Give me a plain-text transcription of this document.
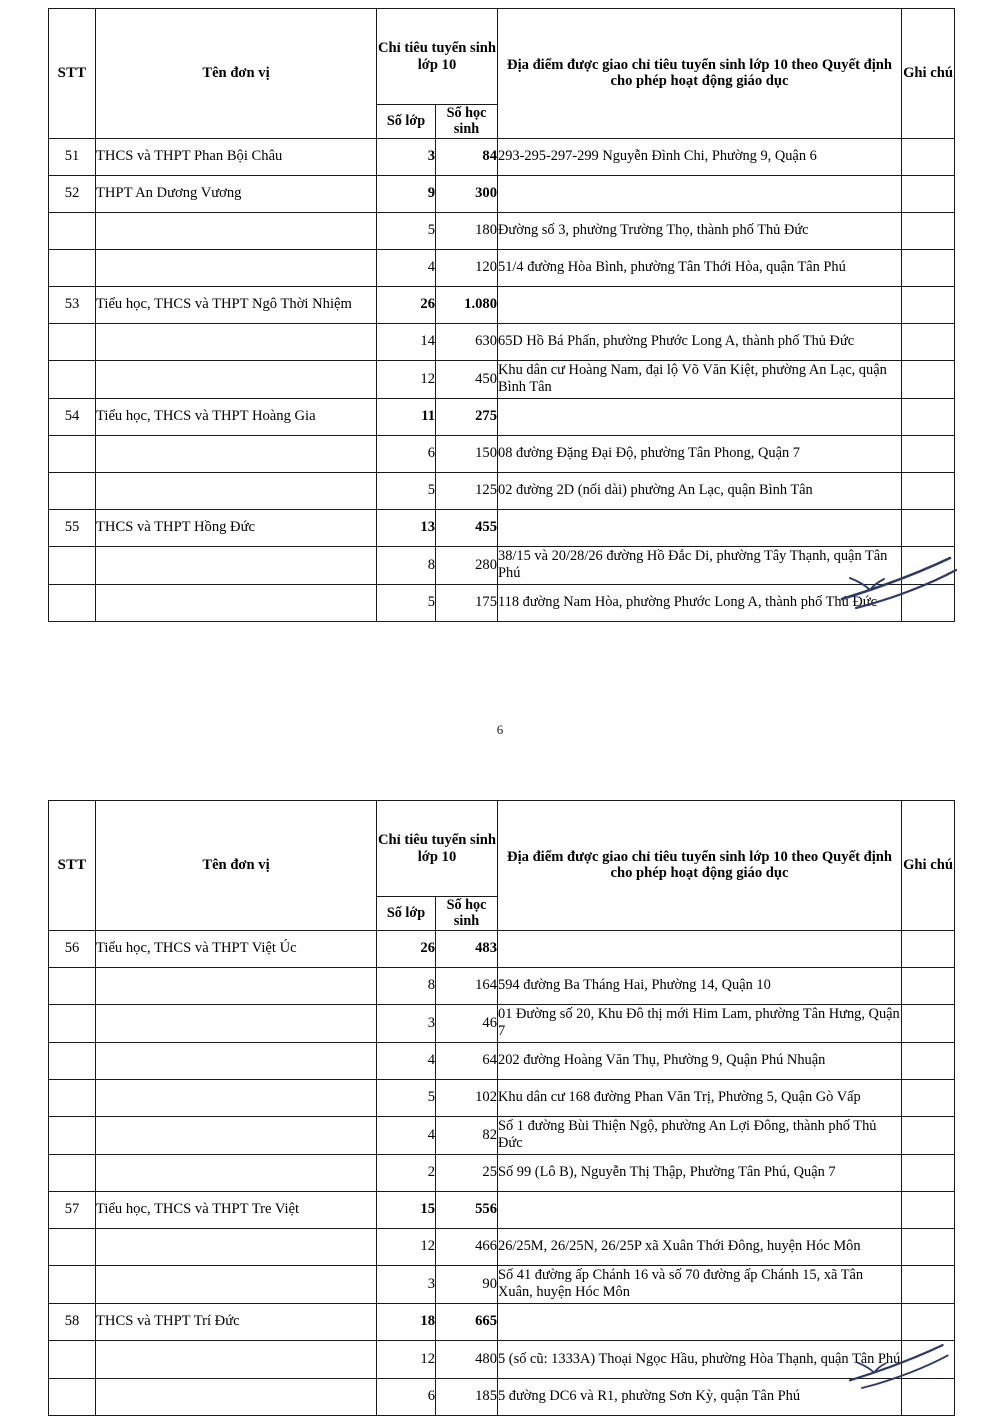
STT	Tên đơn vị	Chỉ tiêu tuyển sinh lớp 10		Địa điểm được giao chỉ tiêu tuyển sinh lớp 10 theo Quyết định cho phép hoạt động giáo dục	Ghi chú
		Số lớp	Số học sinh		
51	THCS và THPT Phan Bội Châu	3	84	293-295-297-299 Nguyễn Đình Chi, Phường 9, Quận 6	
52	THPT An Dương Vương	9	300		
		5	180	Đường số 3, phường Trường Thọ, thành phố Thủ Đức	
		4	120	51/4 đường Hòa Bình, phường Tân Thới Hòa, quận Tân Phú	
53	Tiểu học, THCS và THPT Ngô Thời Nhiệm	26	1.080		
		14	630	65D Hồ Bá Phấn, phường Phước Long A, thành phố Thủ Đức	
		12	450	Khu dân cư Hoàng Nam, đại lộ Võ Văn Kiệt, phường An Lạc, quận Bình Tân	
54	Tiểu học, THCS và THPT Hoàng Gia	11	275		
		6	150	08 đường Đặng Đại Độ, phường Tân Phong, Quận 7	
		5	125	02 đường 2D (nối dài) phường An Lạc, quận Bình Tân	
55	THCS và THPT Hồng Đức	13	455		
		8	280	38/15 và 20/28/26 đường Hồ Đắc Di, phường Tây Thạnh, quận Tân Phú	
		5	175	118 đường Nam Hòa, phường Phước Long A, thành phố Thủ Đức	
6
STT	Tên đơn vị	Chỉ tiêu tuyển sinh lớp 10		Địa điểm được giao chỉ tiêu tuyển sinh lớp 10 theo Quyết định cho phép hoạt động giáo dục	Ghi chú
		Số lớp	Số học sinh		
56	Tiểu học, THCS và THPT Việt Úc	26	483		
		8	164	594 đường Ba Tháng Hai, Phường 14, Quận 10	
		3	46	01 Đường số 20, Khu Đô thị mới Him Lam, phường Tân Hưng, Quận 7	
		4	64	202 đường Hoàng Văn Thụ, Phường 9, Quận Phú Nhuận	
		5	102	Khu dân cư 168 đường Phan Văn Trị, Phường 5, Quận Gò Vấp	
		4	82	Số 1 đường Bùi Thiện Ngộ, phường An Lợi Đông, thành phố Thủ Đức	
		2	25	Số 99 (Lô B), Nguyễn Thị Thập, Phường Tân Phú, Quận 7	
57	Tiểu học, THCS và THPT Tre Việt	15	556		
		12	466	26/25M, 26/25N, 26/25P xã Xuân Thới Đông, huyện Hóc Môn	
		3	90	Số 41 đường ấp Chánh 16 và số 70 đường ấp Chánh 15, xã Tân Xuân, huyện Hóc Môn	
58	THCS và THPT Trí Đức	18	665		
		12	480	5 (số cũ: 1333A) Thoại Ngọc Hầu, phường Hòa Thạnh, quận Tân Phú	
		6	185	5 đường DC6 và R1, phường Sơn Kỳ, quận Tân Phú	
